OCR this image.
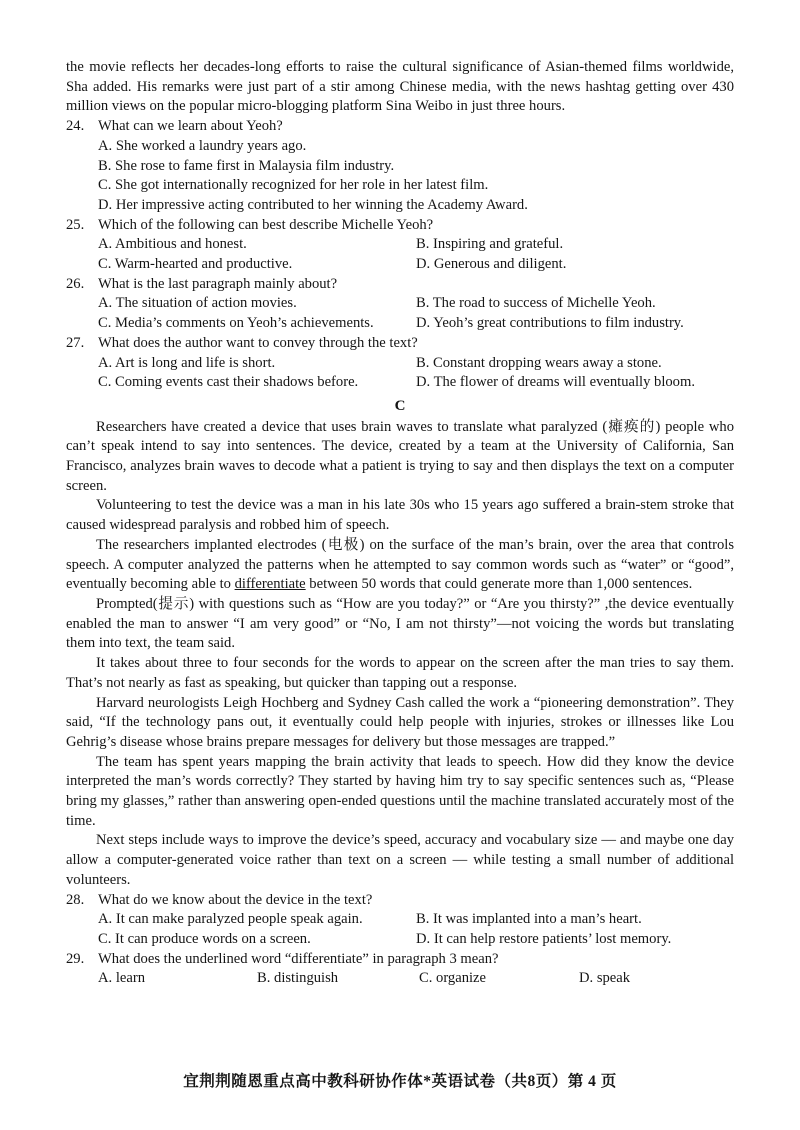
the movie reflects her decades-long efforts to raise the cultural significance of Asian-themed films worldwide, Sha added. His remarks were just part of a stir among Chinese media, with the news hashtag getting over 430 million views on the popular micro-blogging platform Sina Weibo in just three hours.

24. What can we learn about Yeoh?
A. She worked a laundry years ago.
B. She rose to fame first in Malaysia film industry.
C. She got internationally recognized for her role in her latest film.
D. Her impressive acting contributed to her winning the Academy Award.
25. Which of the following can best describe Michelle Yeoh?
A. Ambitious and honest.	B. Inspiring and grateful.
C. Warm-hearted and productive.	D. Generous and diligent.
26. What is the last paragraph mainly about?
A. The situation of action movies.	B. The road to success of Michelle Yeoh.
C. Media’s comments on Yeoh’s achievements.	D. Yeoh’s great contributions to film industry.
27. What does the author want to convey through the text?
A. Art is long and life is short.	B. Constant dropping wears away a stone.
C. Coming events cast their shadows before.	D. The flower of dreams will eventually bloom.
C

Researchers have created a device that uses brain waves to translate what paralyzed (瘫痪的) people who can’t speak intend to say into sentences. The device, created by a team at the University of California, San Francisco, analyzes brain waves to decode what a patient is trying to say and then displays the text on a computer screen.

Volunteering to test the device was a man in his late 30s who 15 years ago suffered a brain-stem stroke that caused widespread paralysis and robbed him of speech.

The researchers implanted electrodes (电极) on the surface of the man’s brain, over the area that controls speech. A computer analyzed the patterns when he attempted to say common words such as “water” or “good”, eventually becoming able to differentiate between 50 words that could generate more than 1,000 sentences.

Prompted(提示) with questions such as “How are you today?” or “Are you thirsty?” ,the device eventually enabled the man to answer “I am very good” or “No, I am not thirsty”—not voicing the words but translating them into text, the team said.

It takes about three to four seconds for the words to appear on the screen after the man tries to say them. That’s not nearly as fast as speaking, but quicker than tapping out a response.

Harvard neurologists Leigh Hochberg and Sydney Cash called the work a “pioneering demonstration”. They said, “If the technology pans out, it eventually could help people with injuries, strokes or illnesses like Lou Gehrig’s disease whose brains prepare messages for delivery but those messages are trapped.”

The team has spent years mapping the brain activity that leads to speech. How did they know the device interpreted the man’s words correctly? They started by having him try to say specific sentences such as, “Please bring my glasses,” rather than answering open-ended questions until the machine translated accurately most of the time.

Next steps include ways to improve the device’s speed, accuracy and vocabulary size — and maybe one day allow a computer-generated voice rather than text on a screen — while testing a small number of additional volunteers.

28. What do we know about the device in the text?
A. It can make paralyzed people speak again.	B. It was implanted into a man’s heart.
C. It can produce words on a screen.	D. It can help restore patients’ lost memory.
29. What does the underlined word “differentiate” in paragraph 3 mean?
A. learn	B. distinguish	C. organize	D. speak
宜荆荆随恩重点高中教科研协作体*英语试卷（共8页）第 4 页
